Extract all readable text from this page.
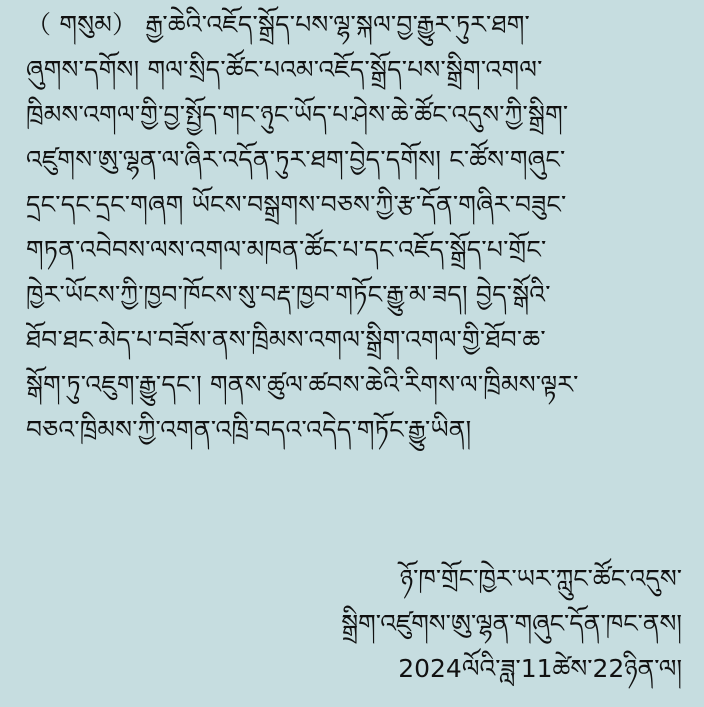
（ གསུམ） རྒྱ་ཆེའི་འཇོད་སྒྲོད་པས་ལྷ་སྐལ་བྱ་རྒྱུར་ཏུར་ཐག་
ཞུགས་དགོས། གལ་སྲིད་ཚོང་པའམ་འཇོད་སྒྲོད་པས་སྒྲིག་འགལ་
ཁྲིམས་འགལ་གྱི་བྱ་སྤྱོད་གང་ཉུང་ཡོད་པ་ཤེས་ཆེ་ཚོང་འདུས་ཀྱི་སྒྲིག་
འཛུགས་ཨུ་ལྷན་ལ་ཞིར་འདོན་ཏུར་ཐག་བྱེད་དགོས། ང་ཚོས་གཞུང་
དྲང་དང་དྲང་གཞག ཡོངས་བསྒྲགས་བཅས་ཀྱི་རྩ་དོན་གཞིར་བཟུང་
གཏན་འབེབས་ལས་འགལ་མཁན་ཚོང་པ་དང་འཇོད་སྒྲོད་པ་གྲོང་
ཁྱེར་ཡོངས་ཀྱི་ཁྱབ་ཁོངས་སུ་བརྡ་ཁྱབ་གཏོང་རྒྱུ་མ་ཟད། བྱེད་སྒོའི་
ཐོབ་ཐང་མེད་པ་བཟོས་ནས་ཁྲིམས་འགལ་སྒྲིག་འགལ་གྱི་ཐོབ་ཆ་
སྒོག་ཏུ་འཇུག་རྒྱུ་དང་། གནས་ཚུལ་ཚབས་ཆེའི་རིགས་ལ་ཁྲིམས་ལྟར་
བཅའ་ཁྲིམས་ཀྱི་འགན་འཁྲི་བདའ་འདེད་གཏོང་རྒྱུ་ཡིན།
ཉོ་ཁ་གྲོང་ཁྱེར་ཡར་ཀླུང་ཚོང་འདུས་
སྒྲིག་འཛུགས་ཨུ་ལྷན་གཞུང་དོན་ཁང་ནས།
2024ལོའི་ཟླ་11ཚེས་22ཉིན་ལ།
